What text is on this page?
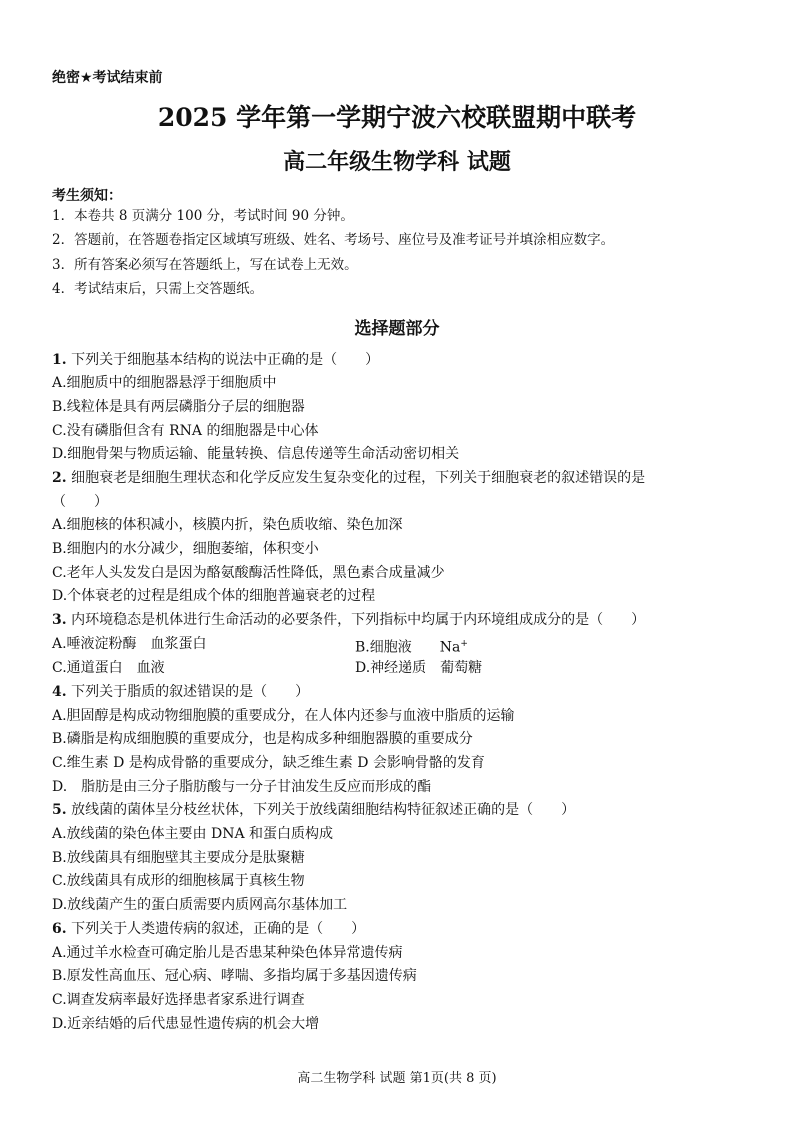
绝密★考试结束前
2025 学年第一学期宁波六校联盟期中联考
高二年级生物学科 试题
考生须知：
1．本卷共 8 页满分 100 分，考试时间 90 分钟。
2．答题前，在答题卷指定区域填写班级、姓名、考场号、座位号及准考证号并填涂相应数字。
3．所有答案必须写在答题纸上，写在试卷上无效。
4．考试结束后，只需上交答题纸。
选择题部分
1. 下列关于细胞基本结构的说法中正确的是（　　）
A.细胞质中的细胞器悬浮于细胞质中
B.线粒体是具有两层磷脂分子层的细胞器
C.没有磷脂但含有 RNA 的细胞器是中心体
D.细胞骨架与物质运输、能量转换、信息传递等生命活动密切相关
2. 细胞衰老是细胞生理状态和化学反应发生复杂变化的过程，下列关于细胞衰老的叙述错误的是
（　　）
A.细胞核的体积减小，核膜内折，染色质收缩、染色加深
B.细胞内的水分减少，细胞萎缩，体积变小
C.老年人头发发白是因为酪氨酸酶活性降低，黑色素合成量减少
D.个体衰老的过程是组成个体的细胞普遍衰老的过程
3. 内环境稳态是机体进行生命活动的必要条件，下列指标中均属于内环境组成成分的是（　　）
A.唾液淀粉酶　血浆蛋白	B.细胞液　　Na+
C.通道蛋白　血液	D.神经递质　葡萄糖
4. 下列关于脂质的叙述错误的是（　　）
A.胆固醇是构成动物细胞膜的重要成分，在人体内还参与血液中脂质的运输
B.磷脂是构成细胞膜的重要成分，也是构成多种细胞器膜的重要成分
C.维生素 D 是构成骨骼的重要成分，缺乏维生素 D 会影响骨骼的发育
D.　脂肪是由三分子脂肪酸与一分子甘油发生反应而形成的酯
5. 放线菌的菌体呈分枝丝状体，下列关于放线菌细胞结构特征叙述正确的是（　　）
A.放线菌的染色体主要由 DNA 和蛋白质构成
B.放线菌具有细胞壁其主要成分是肽聚糖
C.放线菌具有成形的细胞核属于真核生物
D.放线菌产生的蛋白质需要内质网高尔基体加工
6. 下列关于人类遗传病的叙述，正确的是（　　）
A.通过羊水检查可确定胎儿是否患某种染色体异常遗传病
B.原发性高血压、冠心病、哮喘、多指均属于多基因遗传病
C.调查发病率最好选择患者家系进行调查
D.近亲结婚的后代患显性遗传病的机会大增
高二生物学科 试题 第1页(共 8 页)
